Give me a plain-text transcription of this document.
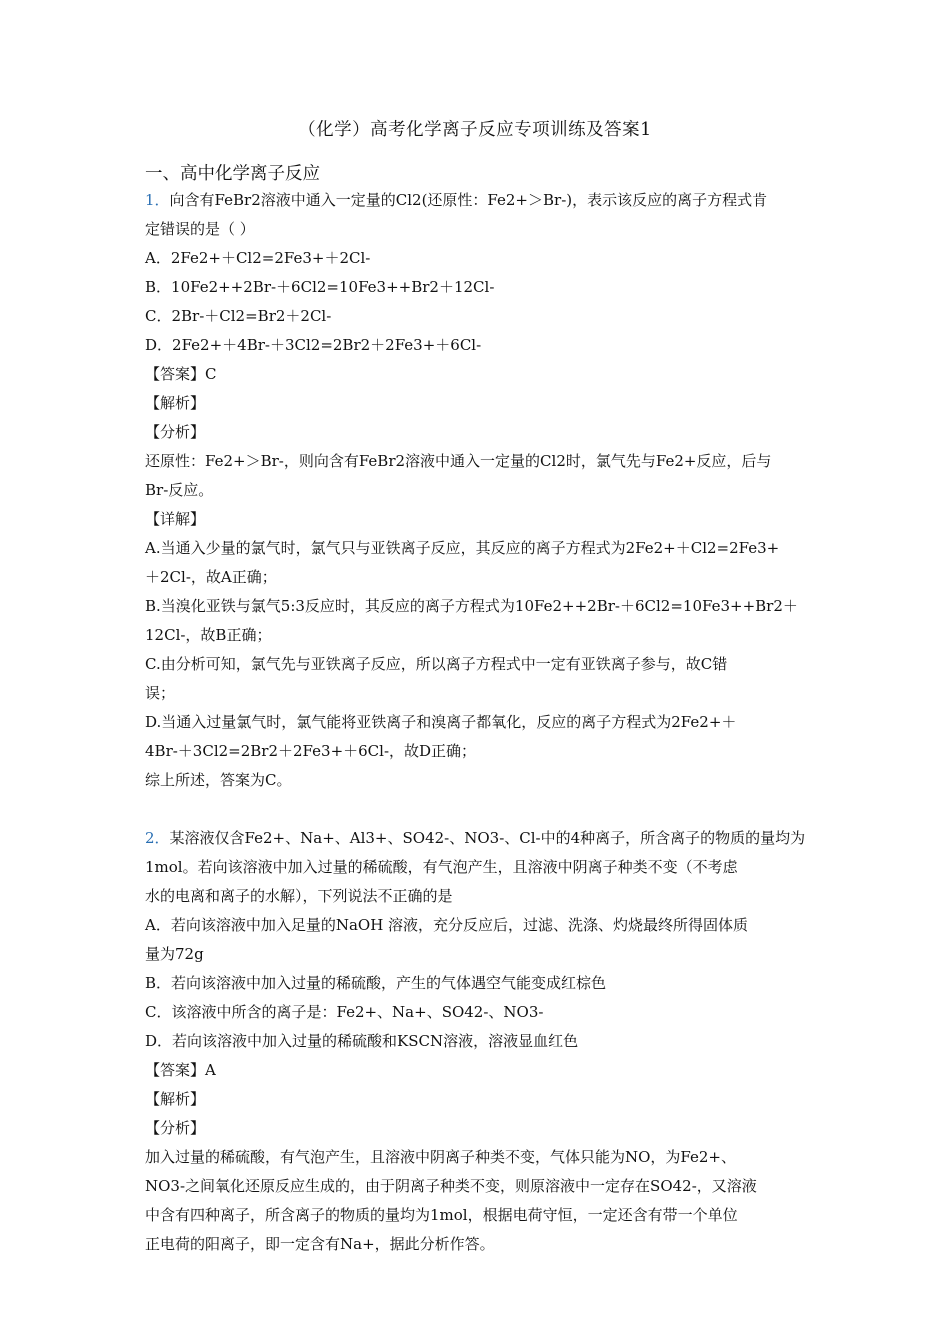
（化学）高考化学离子反应专项训练及答案1
一、高中化学离子反应
1．向含有FeBr2溶液中通入一定量的Cl2(还原性：Fe2+＞Br-)，表示该反应的离子方程式肯
定错误的是（ ）
A．2Fe2+＋Cl2=2Fe3+＋2Cl-
B．10Fe2++2Br-＋6Cl2=10Fe3++Br2＋12Cl-
C．2Br-＋Cl2=Br2＋2Cl-
D．2Fe2+＋4Br-＋3Cl2=2Br2＋2Fe3+＋6Cl-
【答案】C
【解析】
【分析】
还原性：Fe2+＞Br-，则向含有FeBr2溶液中通入一定量的Cl2时，氯气先与Fe2+反应，后与
Br-反应。
【详解】
A.当通入少量的氯气时，氯气只与亚铁离子反应，其反应的离子方程式为2Fe2+＋Cl2=2Fe3+
＋2Cl-，故A正确；
B.当溴化亚铁与氯气5:3反应时，其反应的离子方程式为10Fe2++2Br-＋6Cl2=10Fe3++Br2＋
12Cl-，故B正确；
C.由分析可知，氯气先与亚铁离子反应，所以离子方程式中一定有亚铁离子参与，故C错
误；
D.当通入过量氯气时，氯气能将亚铁离子和溴离子都氧化，反应的离子方程式为2Fe2+＋
4Br-＋3Cl2=2Br2＋2Fe3+＋6Cl-，故D正确；
综上所述，答案为C。
2．某溶液仅含Fe2+、Na+、Al3+、SO42-、NO3-、Cl-中的4种离子，所含离子的物质的量均为
1mol。若向该溶液中加入过量的稀硫酸，有气泡产生，且溶液中阴离子种类不变（不考虑
水的电离和离子的水解），下列说法不正确的是
A．若向该溶液中加入足量的NaOH 溶液，充分反应后，过滤、洗涤、灼烧最终所得固体质
量为72g
B．若向该溶液中加入过量的稀硫酸，产生的气体遇空气能变成红棕色
C．该溶液中所含的离子是：Fe2+、Na+、SO42-、NO3-
D．若向该溶液中加入过量的稀硫酸和KSCN溶液，溶液显血红色
【答案】A
【解析】
【分析】
加入过量的稀硫酸，有气泡产生，且溶液中阴离子种类不变，气体只能为NO，为Fe2+、
NO3-之间氧化还原反应生成的，由于阴离子种类不变，则原溶液中一定存在SO42-，又溶液
中含有四种离子，所含离子的物质的量均为1mol，根据电荷守恒，一定还含有带一个单位
正电荷的阳离子，即一定含有Na+，据此分析作答。
